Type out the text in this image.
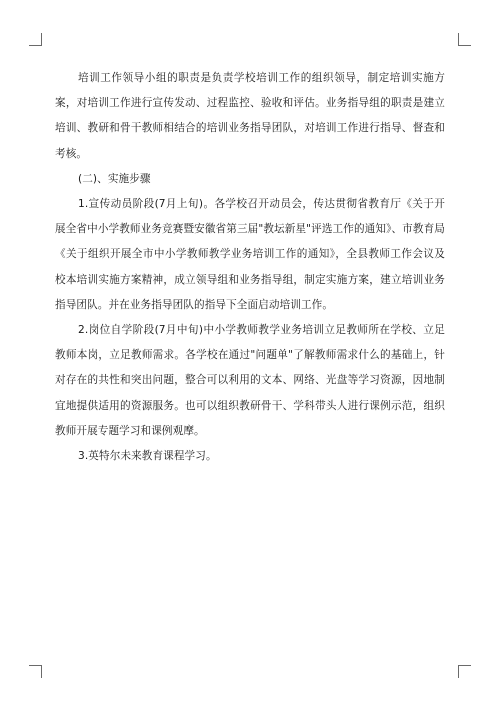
培训工作领导小组的职责是负责学校培训工作的组织领导，制定培训实施方案，对培训工作进行宣传发动、过程监控、验收和评估。业务指导组的职责是建立培训、教研和骨干教师相结合的培训业务指导团队，对培训工作进行指导、督查和考核。

(二)、实施步骤

1.宣传动员阶段(7月上旬)。各学校召开动员会，传达贯彻省教育厅《关于开展全省中小学教师业务竞赛暨安徽省第三届"教坛新星"评选工作的通知》、市教育局《关于组织开展全市中小学教师教学业务培训工作的通知》，全县教师工作会议及校本培训实施方案精神，成立领导组和业务指导组，制定实施方案，建立培训业务指导团队。并在业务指导团队的指导下全面启动培训工作。

2.岗位自学阶段(7月中旬)中小学教师教学业务培训立足教师所在学校、立足教师本岗，立足教师需求。各学校在通过"问题单"了解教师需求什么的基础上，针对存在的共性和突出问题，整合可以利用的文本、网络、光盘等学习资源，因地制宜地提供适用的资源服务。也可以组织教研骨干、学科带头人进行课例示范，组织教师开展专题学习和课例观摩。

3.英特尔未来教育课程学习。
